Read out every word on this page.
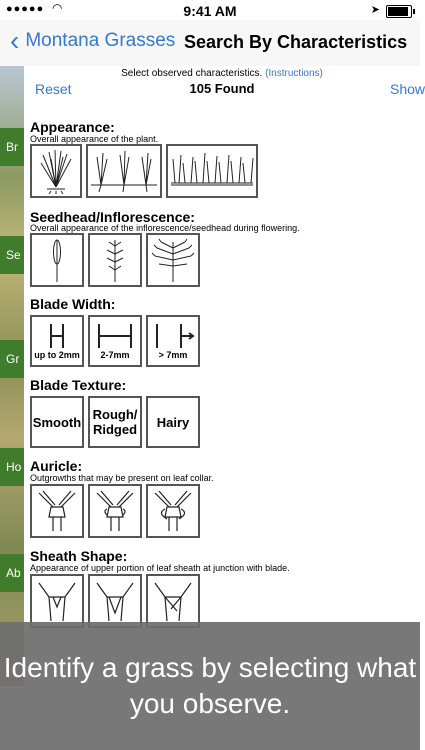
●●●●● ◠	9:41 AM	➤
‹ Montana Grasses Search By Characteristics
Br
Se
Gr
Ho
Ab
Select observed characteristics. (Instructions)
Reset	105 Found	Show
Appearance:
Overall appearance of the plant.
Seedhead/Inflorescence:
Overall appearance of the inflorescence/seedhead during flowering.
Blade Width:
up to 2mm 2-7mm	> 7mm
Blade Texture:
Smooth Rough/
Ridged Hairy
Auricle:
Outgrowths that may be present on leaf collar.
Sheath Shape:
Appearance of upper portion of leaf sheath at junction with blade.
Identify a grass by selecting what you observe.
